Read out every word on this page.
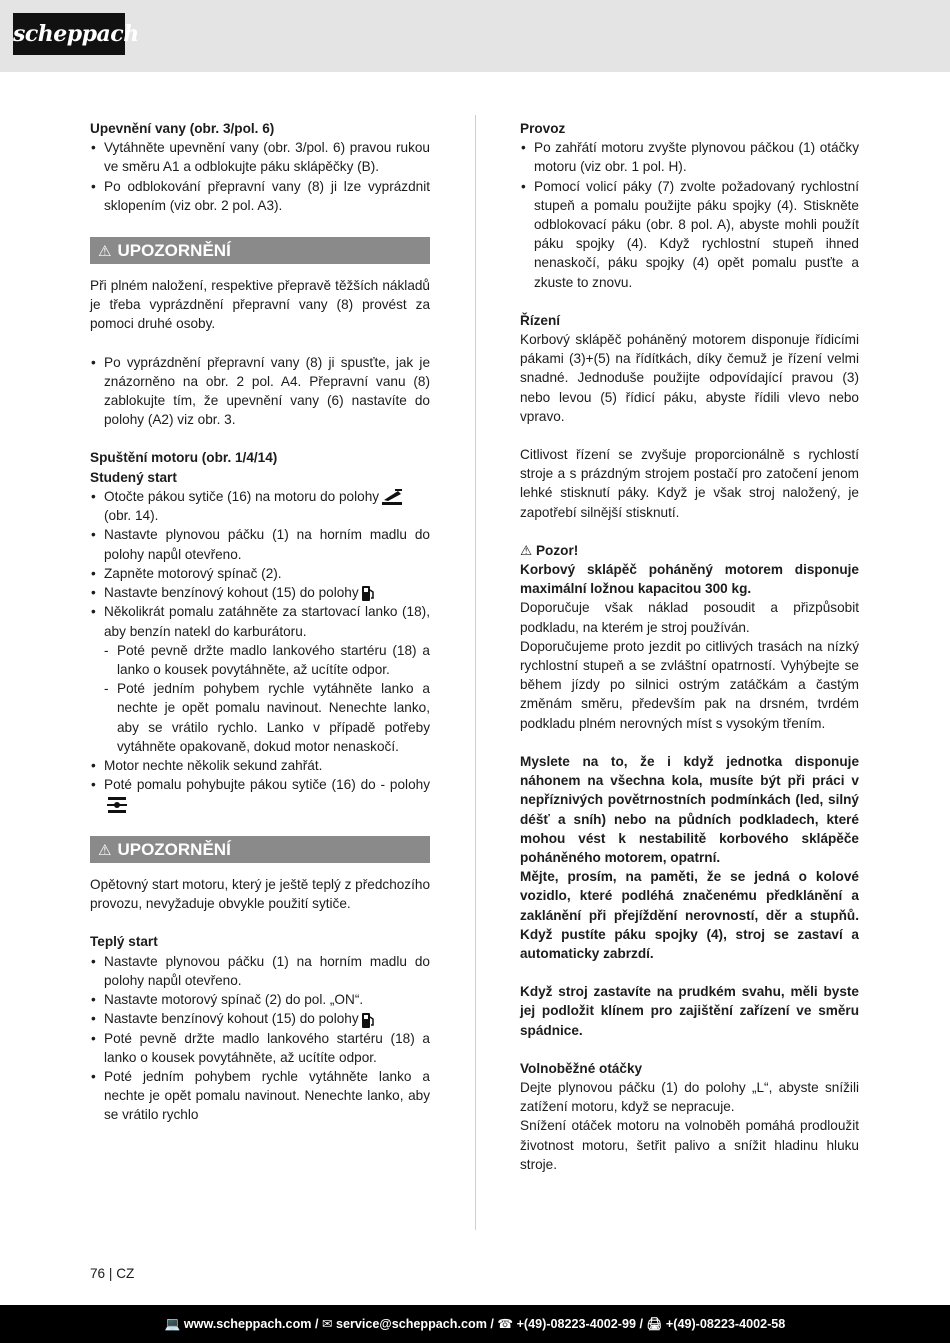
scheppach

Upevnění vany (obr. 3/pol. 6)

• Vytáhněte upevnění vany (obr. 3/pol. 6) pravou rukou ve směru A1 a odblokujte páku sklápěčky (B).
• Po odblokování přepravní vany (8) ji lze vyprázdnit sklopením (viz obr. 2 pol. A3).
⚠ UPOZORNĚNÍ

Při plném naložení, respektive přepravě těžších nákladů je třeba vyprázdnění přepravní vany (8) provést za pomoci druhé osoby.

• Po vyprázdnění přepravní vany (8) ji spusťte, jak je znázorněno na obr. 2 pol. A4. Přepravní vanu (8) zablokujte tím, že upevnění vany (6) nastavíte do polohy (A2) viz obr. 3.

Spuštění motoru (obr. 1/4/14)

Studený start

• Otočte pákou sytiče (16) na motoru do polohy
(obr. 14).
• Nastavte plynovou páčku (1) na horním madlu do polohy napůl otevřeno.
• Zapněte motorový spínač (2).
• Nastavte benzínový kohout (15) do polohy
• Několikrát pomalu zatáhněte za startovací lanko (18), aby benzín natekl do karburátoru.
- Poté pevně držte madlo lankového startéru (18) a lanko o kousek povytáhněte, až ucítíte odpor.
- Poté jedním pohybem rychle vytáhněte lanko a nechte je opět pomalu navinout. Nenechte lanko, aby se vrátilo rychlo. Lanko v případě potřeby vytáhněte opakovaně, dokud motor nenaskočí.
• Motor nechte několik sekund zahřát.
• Poté pomalu pohybujte pákou sytiče (16) do - polohy
⚠ UPOZORNĚNÍ

Opětovný start motoru, který je ještě teplý z předchozího provozu, nevyžaduje obvykle použití sytiče.

Teplý start

• Nastavte plynovou páčku (1) na horním madlu do polohy napůl otevřeno.
• Nastavte motorový spínač (2) do pol. „ON“.
• Nastavte benzínový kohout (15) do polohy
• Poté pevně držte madlo lankového startéru (18) a lanko o kousek povytáhněte, až ucítíte odpor.
• Poté jedním pohybem rychle vytáhněte lanko a nechte je opět pomalu navinout. Nenechte lanko, aby se vrátilo rychlo

Provoz

• Po zahřátí motoru zvyšte plynovou páčkou (1) otáčky motoru (viz obr. 1 pol. H).
• Pomocí volicí páky (7) zvolte požadovaný rychlostní stupeň a pomalu použijte páku spojky (4). Stiskněte odblokovací páku (obr. 8 pol. A), abyste mohli použít páku spojky (4). Když rychlostní stupeň ihned nenaskočí, páku spojky (4) opět pomalu pusťte a zkuste to znovu.

Řízení

Korbový sklápěč poháněný motorem disponuje řídicími pákami (3)+(5) na řídítkách, díky čemuž je řízení velmi snadné. Jednoduše použijte odpovídající pravou (3) nebo levou (5) řídicí páku, abyste řídili vlevo nebo vpravo.

Citlivost řízení se zvyšuje proporcionálně s rychlostí stroje a s prázdným strojem postačí pro zatočení jenom lehké stisknutí páky. Když je však stroj naložený, je zapotřebí silnější stisknutí.

⚠ Pozor!

Korbový sklápěč poháněný motorem disponuje maximální ložnou kapacitou 300 kg.

Doporučuje však náklad posoudit a přizpůsobit podkladu, na kterém je stroj používán.

Doporučujeme proto jezdit po citlivých trasách na nízký rychlostní stupeň a se zvláštní opatrností. Vyhýbejte se během jízdy po silnici ostrým zatáčkám a častým změnám směru, především pak na drsném, tvrdém podkladu plném nerovných míst s vysokým třením.

Myslete na to, že i když jednotka disponuje náhonem na všechna kola, musíte být při práci v nepříznivých povětrnostních podmínkách (led, silný déšť a sníh) nebo na půdních podkladech, které mohou vést k nestabilitě korbového sklápěče poháněného motorem, opatrní.

Mějte, prosím, na paměti, že se jedná o kolové vozidlo, které podléhá značenému předklánění a zaklánění při přejíždění nerovností, děr a stupňů. Když pustíte páku spojky (4), stroj se zastaví a automaticky zabrzdí.

Když stroj zastavíte na prudkém svahu, měli byste jej podložit klínem pro zajištění zařízení ve směru spádnice.

Volnoběžné otáčky

Dejte plynovou páčku (1) do polohy „L“, abyste snížili zatížení motoru, když se nepracuje.

Snížení otáček motoru na volnoběh pomáhá prodloužit životnost motoru, šetřit palivo a snížit hladinu hluku stroje.

76 | CZ
💻 www.scheppach.com / ✉ service@scheppach.com / ☎ +(49)-08223-4002-99 / 🖨 +(49)-08223-4002-58
